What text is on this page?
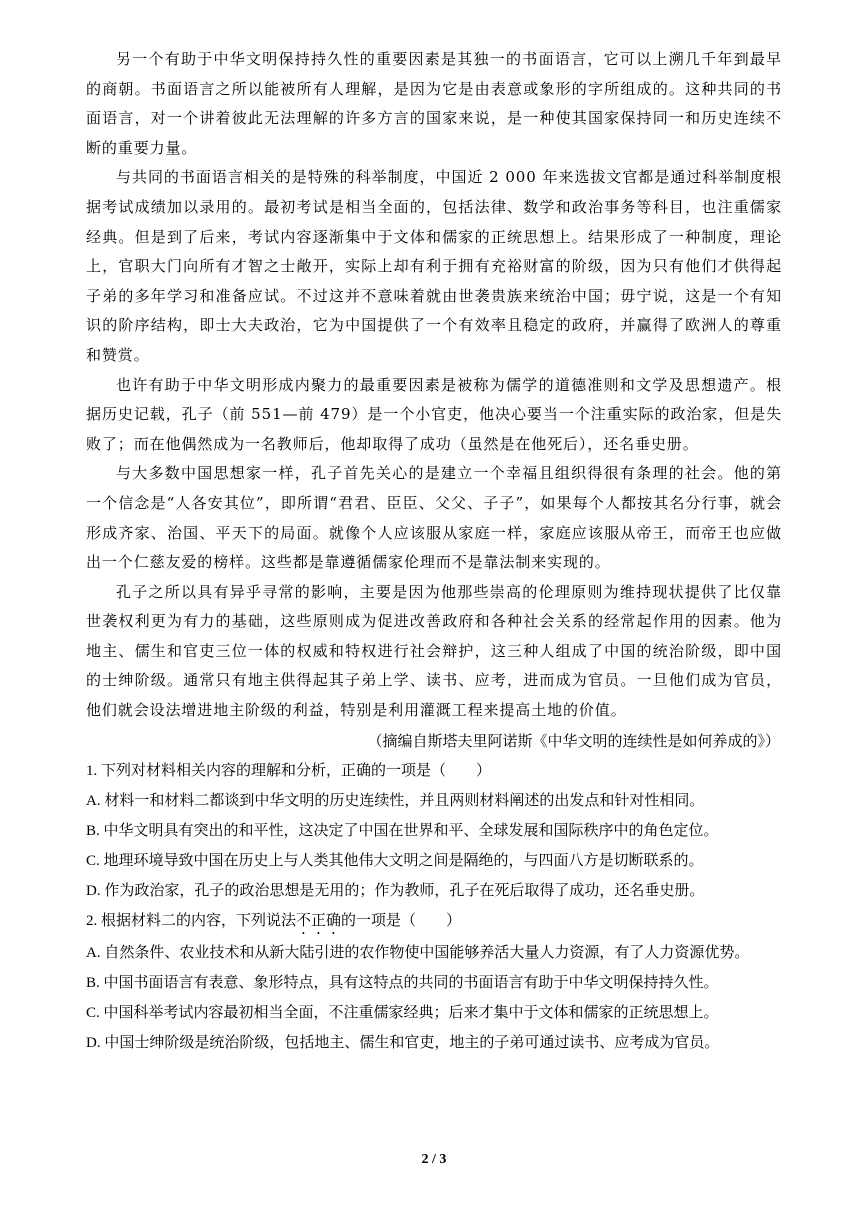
另一个有助于中华文明保持持久性的重要因素是其独一的书面语言，它可以上溯几千年到最早的商朝。书面语言之所以能被所有人理解，是因为它是由表意或象形的字所组成的。这种共同的书面语言，对一个讲着彼此无法理解的许多方言的国家来说，是一种使其国家保持同一和历史连续不断的重要力量。

与共同的书面语言相关的是特殊的科举制度，中国近 2 000 年来选拔文官都是通过科举制度根据考试成绩加以录用的。最初考试是相当全面的，包括法律、数学和政治事务等科目，也注重儒家经典。但是到了后来，考试内容逐渐集中于文体和儒家的正统思想上。结果形成了一种制度，理论上，官职大门向所有才智之士敞开，实际上却有利于拥有充裕财富的阶级，因为只有他们才供得起子弟的多年学习和准备应试。不过这并不意味着就由世袭贵族来统治中国；毋宁说，这是一个有知识的阶序结构，即士大夫政治，它为中国提供了一个有效率且稳定的政府，并赢得了欧洲人的尊重和赞赏。

也许有助于中华文明形成内聚力的最重要因素是被称为儒学的道德准则和文学及思想遗产。根据历史记载，孔子（前 551—前 479）是一个小官吏，他决心要当一个注重实际的政治家，但是失败了；而在他偶然成为一名教师后，他却取得了成功（虽然是在他死后），还名垂史册。

与大多数中国思想家一样，孔子首先关心的是建立一个幸福且组织得很有条理的社会。他的第一个信念是“人各安其位”，即所谓“君君、臣臣、父父、子子”，如果每个人都按其名分行事，就会形成齐家、治国、平天下的局面。就像个人应该服从家庭一样，家庭应该服从帝王，而帝王也应做出一个仁慈友爱的榜样。这些都是靠遵循儒家伦理而不是靠法制来实现的。

孔子之所以具有异乎寻常的影响，主要是因为他那些崇高的伦理原则为维持现状提供了比仅靠世袭权利更为有力的基础，这些原则成为促进改善政府和各种社会关系的经常起作用的因素。他为地主、儒生和官吏三位一体的权威和特权进行社会辩护，这三种人组成了中国的统治阶级，即中国的士绅阶级。通常只有地主供得起其子弟上学、读书、应考，进而成为官员。一旦他们成为官员，他们就会设法增进地主阶级的利益，特别是利用灌溉工程来提高土地的价值。

（摘编自斯塔夫里阿诺斯《中华文明的连续性是如何养成的》）

1. 下列对材料相关内容的理解和分析，正确的一项是（　　）

A. 材料一和材料二都谈到中华文明的历史连续性，并且两则材料阐述的出发点和针对性相同。

B. 中华文明具有突出的和平性，这决定了中国在世界和平、全球发展和国际秩序中的角色定位。

C. 地理环境导致中国在历史上与人类其他伟大文明之间是隔绝的，与四面八方是切断联系的。

D. 作为政治家，孔子的政治思想是无用的；作为教师，孔子在死后取得了成功，还名垂史册。

2. 根据材料二的内容，下列说法不正确的一项是（　　）

A. 自然条件、农业技术和从新大陆引进的农作物使中国能够养活大量人力资源，有了人力资源优势。

B. 中国书面语言有表意、象形特点，具有这特点的共同的书面语言有助于中华文明保持持久性。

C. 中国科举考试内容最初相当全面，不注重儒家经典；后来才集中于文体和儒家的正统思想上。

D. 中国士绅阶级是统治阶级，包括地主、儒生和官吏，地主的子弟可通过读书、应考成为官员。

2 / 3
